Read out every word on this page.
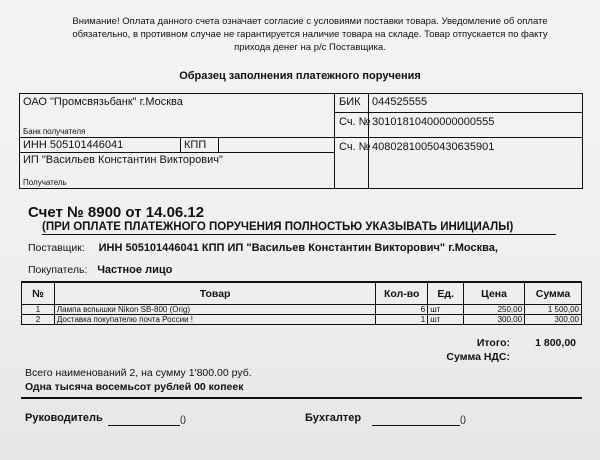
Внимание! Оплата данного счета означает согласие с условиями поставки товара. Уведомление об оплате
обязательно, в противном случае не гарантируется наличие товара на складе. Товар отпускается по факту
прихода денег на р/с Поставщика.
Образец заполнения платежного поручения
ОАО "Промсвязьбанк" г.Москва
Банк получателя
БИК 044525555
Сч. № 30101810400000000555
ИНН 505101446041	КПП
ИП "Васильев Константин Викторович"
Получатель
Сч. № 40802810050430635901
Счет № 8900 от 14.06.12
(ПРИ ОПЛАТЕ ПЛАТЕЖНОГО ПОРУЧЕНИЯ ПОЛНОСТЬЮ УКАЗЫВАТЬ ИНИЦИАЛЫ)
Поставщик: ИНН 505101446041 КПП ИП "Васильев Константин Викторович" г.Москва,
Покупатель: Частное лицо
№	Товар	Кол-во	Ед.	Цена	Сумма
1	Лампа вспышки Nikon SB-800 (Orig)	6	шт	250,00	1 500,00
2	Доставка покупателю почта России !	1	шт	300,00	300,00
Итого: 1 800,00
Сумма НДС:
Всего наименований 2, на сумму 1'800.00 руб.
Одна тысяча восемьсот рублей 00 копеек
Руководитель	()	Бухгалтер	()
